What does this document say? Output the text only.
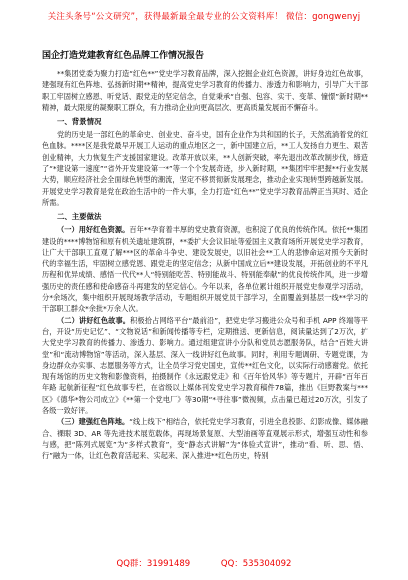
关注头条号“公文研究”，获得最新最全最专业的公文资料库！ 微信：gongwenyj
国企打造党建教育红色品牌工作情况报告

**集团党委为聚力打造“红色**”党史学习教育品牌，深入挖掘企业红色资源，讲好身边红色故事，建强现有红色阵地、弘扬新时期**精神，提高党史学习教育的传播力、渗透力和影响力，引导广大干部职工牢固树立感恩、听党话、跟党走的坚定信念，自觉秉承“自强、包容、实干、变革、憧憬”新时期**精神，最大限度的凝聚职工群众，有力推动企业向更高层次、更高质量发展而不懈奋斗。

一、背景情况

党的历史是一部红色的革命史、创业史、奋斗史，国有企业作为共和国的长子，天然流淌着党的红色血脉。****区是我党最早开展工人运动的重点地区之一，新中国建立后，**工人发扬自力更生、艰苦创业精神，大力恢复生产支援国家建设。改革开放以来，**人创新突破，率先退出改革改制步伐，缔造了“*建设第一速度”“省外开发建设第一*”等一个个发展奇迹，步入新时期，**集团牢牢把握**行业发展大势，顺应经济社会全面绿色转型的潮流，坚定不移贯彻新发展理念，推动企业实现转型跨越新发展。开展党史学习教育是党在政治生活中的一件大事，全力打造“红色**”党史学习教育品牌正当其时、适企所需。

二、主要做法

（一）用好红色资源。百年**孕育着丰厚的党史教育资源，也积淀了优良的传统作风。依托**集团建设的****博物馆和原有机关遗址建筑群，**委扩大会议旧址等爱国主义教育场所开展党史学习教育，让广大干部职工直观了解***区的革命斗争史、建设发展史，以旧社会**工人的悲惨命运对照今天新时代的幸福生活，牢固树立感党恩、跟党走的坚定信念；从新中国成立后**建设发展，开拓创业的不平凡历程和优异成绩、感悟一代代**人“特别能吃苦、特别能战斗、特别能奉献”的优良传统作风，进一步增强历史的责任感和使命感奋斗再建发的坚定信心。今年以来，各单位累计组织开展党史参观学习活动，分*余场次，集中组织开展现场教学活动，专题组织开展党员干部学习，全面覆盖到基层一线**学习的干部职工群众*余批*万余人次。

（二）讲好红色故事。积极拾占网络平台“最前沿”，把党史学习搬进公众号和手机 APP 终端等平台，开设“历史记忆”、“文物说话”和新闻传播等专栏，定期推送、更新信息，阅读量达到了2万次，扩大党史学习教育的传播力、渗透力、影响力。通过组建宣讲小分队和党员志愿服务队，结合“百姓大讲堂”和“流动博物馆”等活动，深入基层、深入一线讲好红色故事。同时，利用专题调研、专题党课，为身边群众办实事、志愿服务等方式，让全员学习党史国史，宣传**红色文化，以实际行动感谢党。依托现有场馆的历史文物和影像资料，拍摄制作《永远跟党走》和《百年恰风华》等专题片，开辟“百年百年路 起航新征程”红色故事专栏，在省级以上媒体刊发党史学习教育稿件78篇，推出《巨野教案与***区》《德华*物公司成立》《**第一个党电厂》等30期“*寻往事”微视频，点击量已超过20万次，引发了各级一致好评。

（三）建强红色阵地。“线上线下”相结合，依托党史学习教育，引进全息投影、幻影成像、媒体融合、裸眼 3D、AR 等先进技术展览载体，再现场景复原、大型油画等直观展示形式，增强互动性和参与感，把“陈列式展览”为“多样式教育”，变“静态式讲解”为“体验式宣讲”，推动“看、听、思、悟、行”融为一体，让红色教育活起来、实起来、深入推进**红色历史，特别

QQ群：31991489	QQ：535304092
